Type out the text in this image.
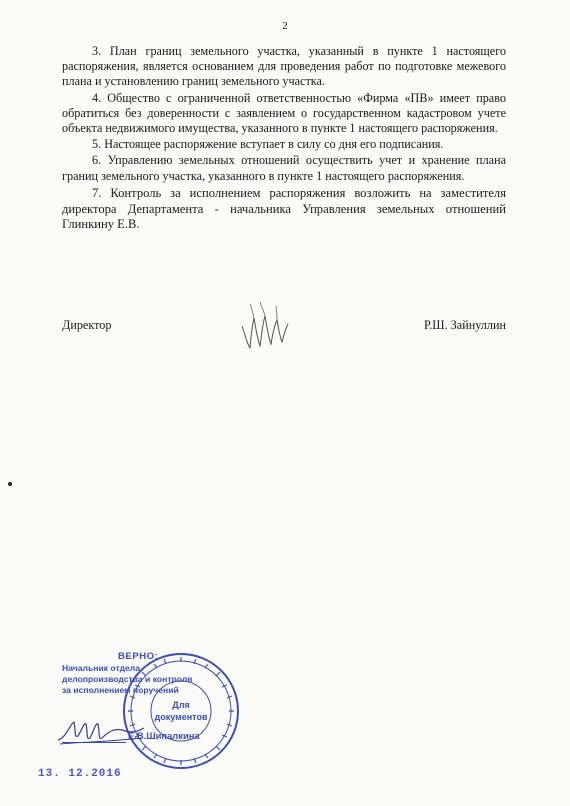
2

3. План границ земельного участка, указанный в пункте 1 настоящего распоряжения, является основанием для проведения работ по подготовке межевого плана и установлению границ земельного участка.

4. Обществo с ограниченной ответственностью «Фирма «ПВ» имеет право обратиться без доверенности с заявлением о государственном кадастровом учете объекта недвижимого имущества, указанного в пункте 1 настоящего распоряжения.

5. Настоящее распоряжение вступает в силу со дня его подписания.

6. Управлению земельных отношений осуществить учет и хранение плана границ земельного участка, указанного в пункте 1 настоящего распоряжения.

7. Контроль за исполнением распоряжения возложить на заместителя директора Департамента - начальника Управления земельных отношений Глинкину Е.В.

Директор	Р.Ш. Зайнуллин
ВЕРНО:
Начальник отдела
делопроизводства и контроля
за исполнением поручений
Е.В.Шипалкина
Для
документов
13. 12.2016
